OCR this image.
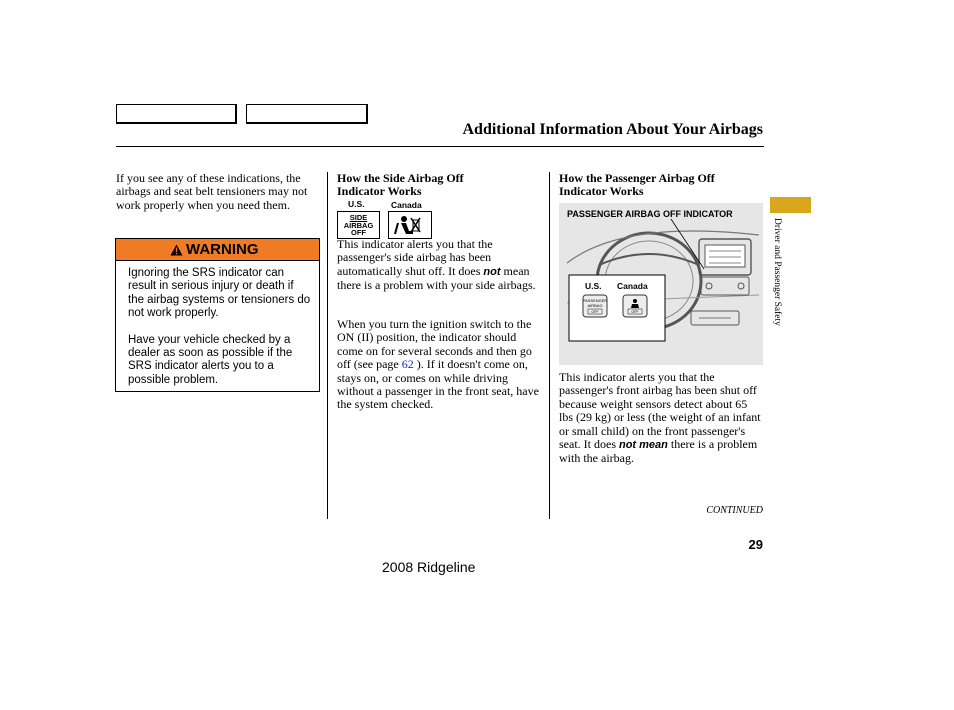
Additional Information About Your Airbags
If you see any of these indications, the airbags and seat belt tensioners may not work properly when you need them.
WARNING

Ignoring the SRS indicator can result in serious injury or death if the airbag systems or tensioners do not work properly.

Have your vehicle checked by a dealer as soon as possible if the SRS indicator alerts you to a possible problem.

How the Side Airbag Off
Indicator Works
U.S.	Canada
SIDE
AIRBAG
OFF
This indicator alerts you that the passenger's side airbag has been automatically shut off. It does not mean there is a problem with your side airbags.
When you turn the ignition switch to the ON (II) position, the indicator should come on for several seconds and then go off (see page 62 ). If it doesn't come on, stays on, or comes on while driving without a passenger in the front seat, have the system checked.
How the Passenger Airbag Off
Indicator Works
PASSENGER AIRBAG OFF INDICATOR
PASSENGER
AIRBAG
OFF	OFF
U.S. Canada
This indicator alerts you that the passenger's front airbag has been shut off because weight sensors detect about 65 lbs (29 kg) or less (the weight of an infant or small child) on the front passenger's seat. It does not mean there is a problem with the airbag.
CONTINUED
29
2008 Ridgeline
Driver and Passenger Safety
